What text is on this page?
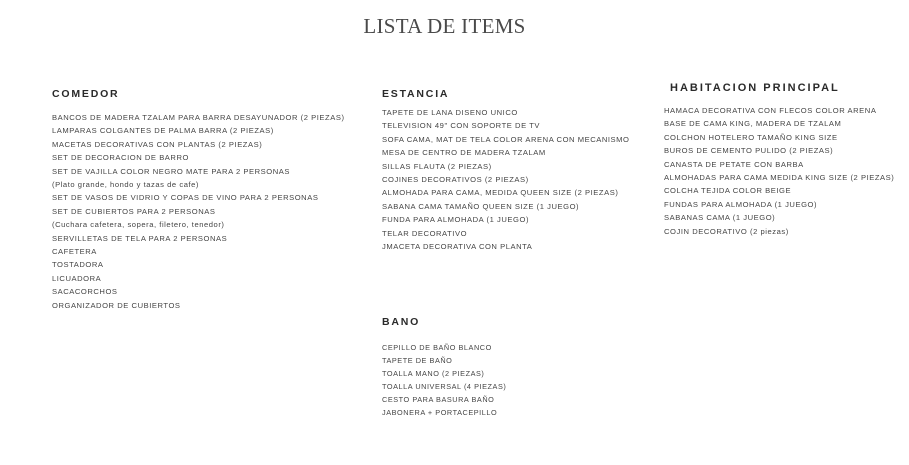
LISTA DE ITEMS
COMEDOR
BANCOS DE MADERA TZALAM PARA BARRA DESAYUNADOR (2 PIEZAS)
LAMPARAS COLGANTES DE PALMA BARRA (2 PIEZAS)
MACETAS DECORATIVAS CON PLANTAS (2 PIEZAS)
SET DE DECORACION DE BARRO
SET DE VAJILLA COLOR NEGRO MATE PARA 2 PERSONAS
(Plato grande, hondo y tazas de cafe)
SET DE VASOS DE VIDRIO Y COPAS DE VINO PARA 2 PERSONAS
SET DE CUBIERTOS PARA 2 PERSONAS
(Cuchara cafetera, sopera, filetero, tenedor)
SERVILLETAS DE TELA PARA 2 PERSONAS
CAFETERA
TOSTADORA
LICUADORA
SACACORCHOS
ORGANIZADOR DE CUBIERTOS
ESTANCIA
TAPETE DE LANA DISENO UNICO
TELEVISION 49" CON SOPORTE DE TV
SOFA CAMA, MAT DE TELA COLOR ARENA CON MECANISMO
MESA DE CENTRO DE MADERA TZALAM
SILLAS FLAUTA (2 PIEZAS)
COJINES DECORATIVOS (2 PIEZAS)
ALMOHADA PARA CAMA, MEDIDA QUEEN SIZE (2 PIEZAS)
SABANA CAMA TAMAÑO QUEEN SIZE (1 JUEGO)
FUNDA PARA ALMOHADA (1 JUEGO)
TELAR DECORATIVO
JMACETA DECORATIVA CON PLANTA
HABITACION PRINCIPAL
HAMACA DECORATIVA CON FLECOS COLOR ARENA
BASE DE CAMA KING, MADERA DE TZALAM
COLCHON HOTELERO TAMAÑO KING SIZE
BUROS DE CEMENTO PULIDO (2 PIEZAS)
CANASTA DE PETATE CON BARBA
ALMOHADAS PARA CAMA MEDIDA KING SIZE (2 PIEZAS)
COLCHA TEJIDA COLOR BEIGE
FUNDAS PARA ALMOHADA (1 JUEGO)
SABANAS CAMA (1 JUEGO)
COJIN DECORATIVO (2 piezas)
BANO
CEPILLO DE BAÑO BLANCO
TAPETE DE BAÑO
TOALLA MANO (2 PIEZAS)
TOALLA UNIVERSAL (4 PIEZAS)
CESTO PARA BASURA BAÑO
JABONERA + PORTACEPILLO
